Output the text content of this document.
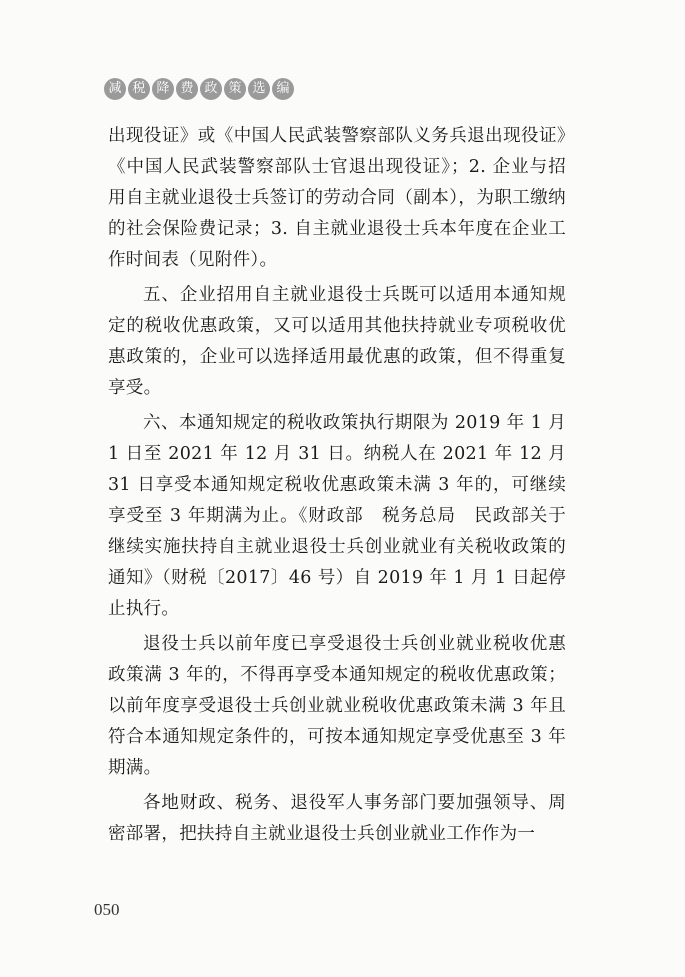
减 税 降 费 政 策 选 编

出现役证》或《中国人民武装警察部队义务兵退出现役证》《中国人民武装警察部队士官退出现役证》；2. 企业与招用自主就业退役士兵签订的劳动合同（副本），为职工缴纳的社会保险费记录；3. 自主就业退役士兵本年度在企业工作时间表（见附件）。

五、企业招用自主就业退役士兵既可以适用本通知规定的税收优惠政策，又可以适用其他扶持就业专项税收优惠政策的，企业可以选择适用最优惠的政策，但不得重复享受。

六、本通知规定的税收政策执行期限为 2019 年 1 月 1 日至 2021 年 12 月 31 日。纳税人在 2021 年 12 月 31 日享受本通知规定税收优惠政策未满 3 年的，可继续享受至 3 年期满为止。《财政部　税务总局　民政部关于继续实施扶持自主就业退役士兵创业就业有关税收政策的通知》（财税〔2017〕46 号）自 2019 年 1 月 1 日起停止执行。

退役士兵以前年度已享受退役士兵创业就业税收优惠政策满 3 年的，不得再享受本通知规定的税收优惠政策；以前年度享受退役士兵创业就业税收优惠政策未满 3 年且符合本通知规定条件的，可按本通知规定享受优惠至 3 年期满。

各地财政、税务、退役军人事务部门要加强领导、周密部署，把扶持自主就业退役士兵创业就业工作作为一

050
